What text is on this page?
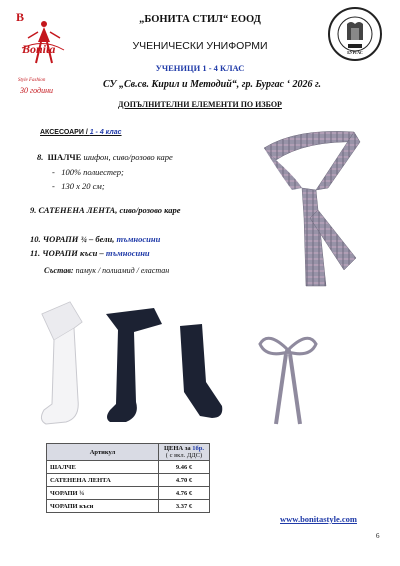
B
Bonita
Style Fashion
30 години
„БОНИТА СТИЛ“ ЕООД
УЧЕНИЧЕСКИ УНИФОРМИ
УЧЕНИЦИ 1 - 4 КЛАС
СУ „Св.св. Кирил и Методий“, гр. Бургас ‘ 2026 г.
ДОПЪЛНИТЕЛНИ ЕЛЕМЕНТИ ПО ИЗБОР
БУРГАС
АКСЕСОАРИ / 1 - 4 клас
8. ШАЛЧЕ шифон, сиво/розово каре
-   100% полиестер;
-   130 х 20 см;
9. САТЕНЕНА ЛЕНТА, сиво/розово каре
10. ЧОРАПИ ¾ – бели, тъмносини
11. ЧОРАПИ къси – тъмносини
Състав: памук / полиамид / еластан
Артикул	ЦЕНА за 1бр.
( с вкл. ДДС)
ШАЛЧЕ	9.46 €
САТЕНЕНА ЛЕНТА	4.70 €
ЧОРАПИ ¾	4.76 €
ЧОРАПИ къси	3.37 €
www.bonitastyle.com
6
